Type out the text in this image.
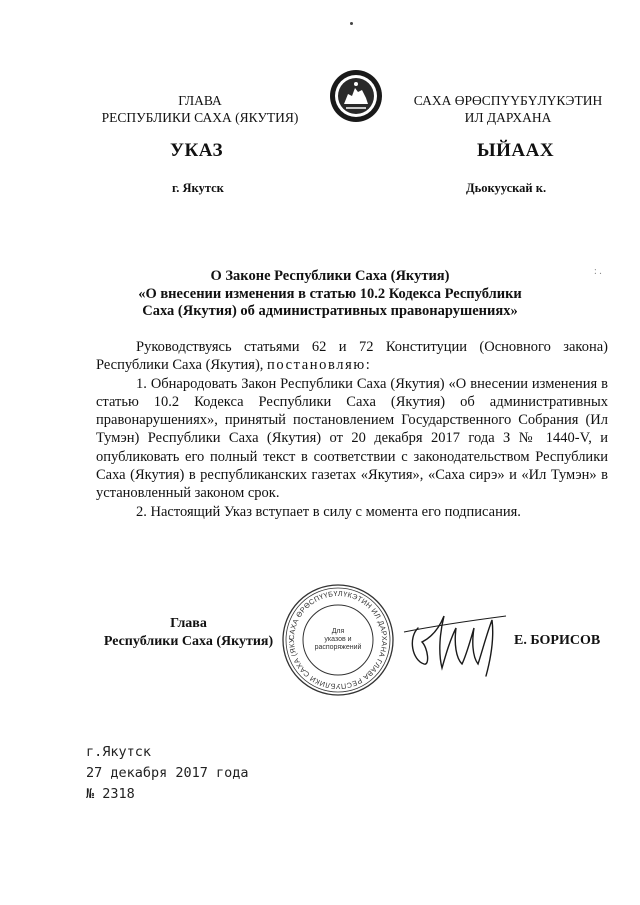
ГЛАВА
РЕСПУБЛИКИ САХА (ЯКУТИЯ)
САХА ӨРӨСПҮҮБҮЛҮКЭТИН
ИЛ ДАРХАНА
УКАЗ	ЫЙААХ
г. Якутск	Дьокуускай к.
: .
О Законе Республики Саха (Якутия)
«О внесении изменения в статью 10.2 Кодекса Республики
Саха (Якутия) об административных правонарушениях»

Руководствуясь статьями 62 и 72 Конституции (Основного закона) Республики Саха (Якутия), постановляю:

1. Обнародовать Закон Республики Саха (Якутия) «О внесении изменения в статью 10.2 Кодекса Республики Саха (Якутия) об административных правонарушениях», принятый постановлением Государственного Собрания (Ил Тумэн) Республики Саха (Якутия) от 20 декабря 2017 года З № 1440-V, и опубликовать его полный текст в соответствии с законодательством Республики Саха (Якутия) в республиканских газетах «Якутия», «Саха сирэ» и «Ил Тумэн» в установленный законом срок.

2. Настоящий Указ вступает в силу с момента его подписания.

Глава
Республики Саха (Якутия)	САХА ӨРӨСПҮҮБҮЛҮКЭТИН ИЛ ДАРХАНА ГЛАВА РЕСПУБЛИКИ САХА (ЯКУ
Для
указов и
распоряжений	Е. БОРИСОВ
г.Якутск
27 декабря 2017 года
№ 2318
